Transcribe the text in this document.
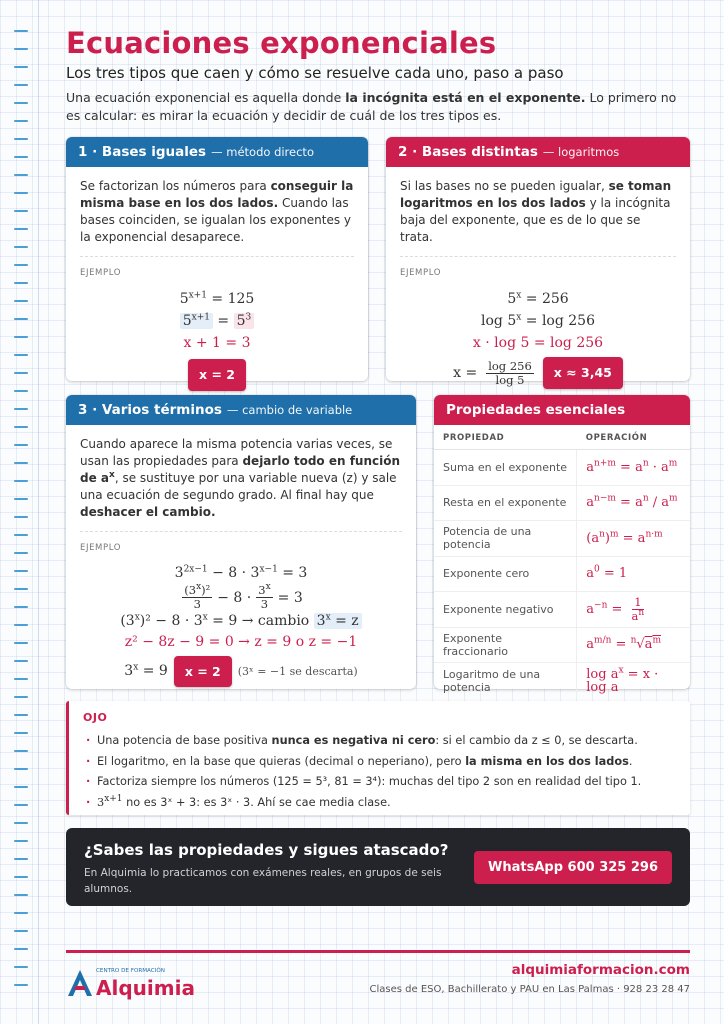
Ecuaciones exponenciales
Los tres tipos que caen y cómo se resuelve cada uno, paso a paso

Una ecuación exponencial es aquella donde la incógnita está en el exponente. Lo primero no es calcular: es mirar la ecuación y decidir de cuál de los tres tipos es.

1 · Bases iguales — método directo

Se factorizan los números para conseguir la misma base en los dos lados. Cuando las bases coinciden, se igualan los exponentes y la exponencial desaparece.

EJEMPLO
$5^{x+1} = 125$
$5^{x+1} = 5^3$
x + 1 = 3
x = 2
2 · Bases distintas — logaritmos

Si las bases no se pueden igualar, se toman logaritmos en los dos lados y la incógnita baja del exponente, que es de lo que se trata.

EJEMPLO
$5^x = 256$
$\log 5^x = \log 256$
x · log 5 = log 256
$x = \frac{\log 256}{\log 5}$	x ≈ 3,45
3 · Varios términos — cambio de variable

Cuando aparece la misma potencia varias veces, se usan las propiedades para dejarlo todo en función de $a^x$, se sustituye por una variable nueva (z) y sale una ecuación de segundo grado. Al final hay que deshacer el cambio.

EJEMPLO
$3^{2x-1} - 8 \cdot 3^{x-1} = 3$
$\frac{(3^x)^2}{3} - 8 \cdot \frac{3^x}{3} = 3$
$(3^x)^2 - 8 \cdot 3^x = 9$ → cambio $3^x = z$
z² − 8z − 9 = 0 → z = 9 o z = −1
$3^x = 9$	x = 2	(3ˣ = −1 se descarta)
Propiedades esenciales
PROPIEDAD	OPERACIÓN
Suma en el exponente	$a^{n+m} = a^n \cdot a^m$
Resta en el exponente	$a^{n-m} = a^n / a^m$
Potencia de una potencia	$(a^n)^m = a^{n\cdot m}$
Exponente cero	$a^0 = 1$
Exponente negativo	$a^{-n} = \frac{1}{a^n}$

Exponente fraccionario	$a^{m/n} = ^n√a^m$
Logaritmo de una potencia	$\log a^x = x \cdot \log a$
OJO
· Una potencia de base positiva nunca es negativa ni cero: si el cambio da z ≤ 0, se descarta.
· El logaritmo, en la base que quieras (decimal o neperiano), pero la misma en los dos lados.
· Factoriza siempre los números (125 = 5³, 81 = 3⁴): muchas del tipo 2 son en realidad del tipo 1.
· $3^{x+1}$ no es 3ˣ + 3: es 3ˣ · 3. Ahí se cae media clase.
¿Sabes las propiedades y sigues atascado?
En Alquimia lo practicamos con exámenes reales, en grupos de seis alumnos.
WhatsApp 600 325 296
CENTRO DE FORMACIÓN
Alquimia
alquimiaformacion.com
Clases de ESO, Bachillerato y PAU en Las Palmas · 928 23 28 47
